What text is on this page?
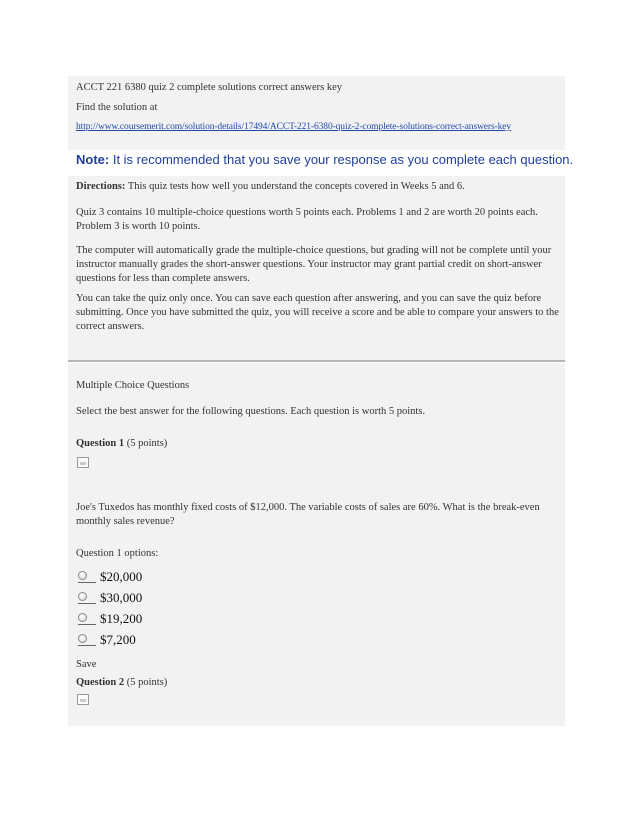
ACCT 221 6380 quiz 2 complete solutions correct answers key
Find the solution at
http://www.coursemerit.com/solution-details/17494/ACCT-221-6380-quiz-2-complete-solutions-correct-answers-key
Note: It is recommended that you save your response as you complete each question.
Directions: This quiz tests how well you understand the concepts covered in Weeks 5 and 6.
Quiz 3 contains 10 multiple-choice questions worth 5 points each. Problems 1 and 2 are worth 20 points each. Problem 3 is worth 10 points.
The computer will automatically grade the multiple-choice questions, but grading will not be complete until your instructor manually grades the short-answer questions. Your instructor may grant partial credit on short-answer questions for less than complete answers.
You can take the quiz only once. You can save each question after answering, and you can save the quiz before submitting. Once you have submitted the quiz, you will receive a score and be able to compare your answers to the correct answers.
Multiple Choice Questions
Select the best answer for the following questions. Each question is worth 5 points.
Question 1 (5 points)
Joe's Tuxedos has monthly fixed costs of $12,000. The variable costs of sales are 60%. What is the break-even monthly sales revenue?
Question 1 options:
$20,000
$30,000
$19,200
$7,200
Save
Question 2 (5 points)
